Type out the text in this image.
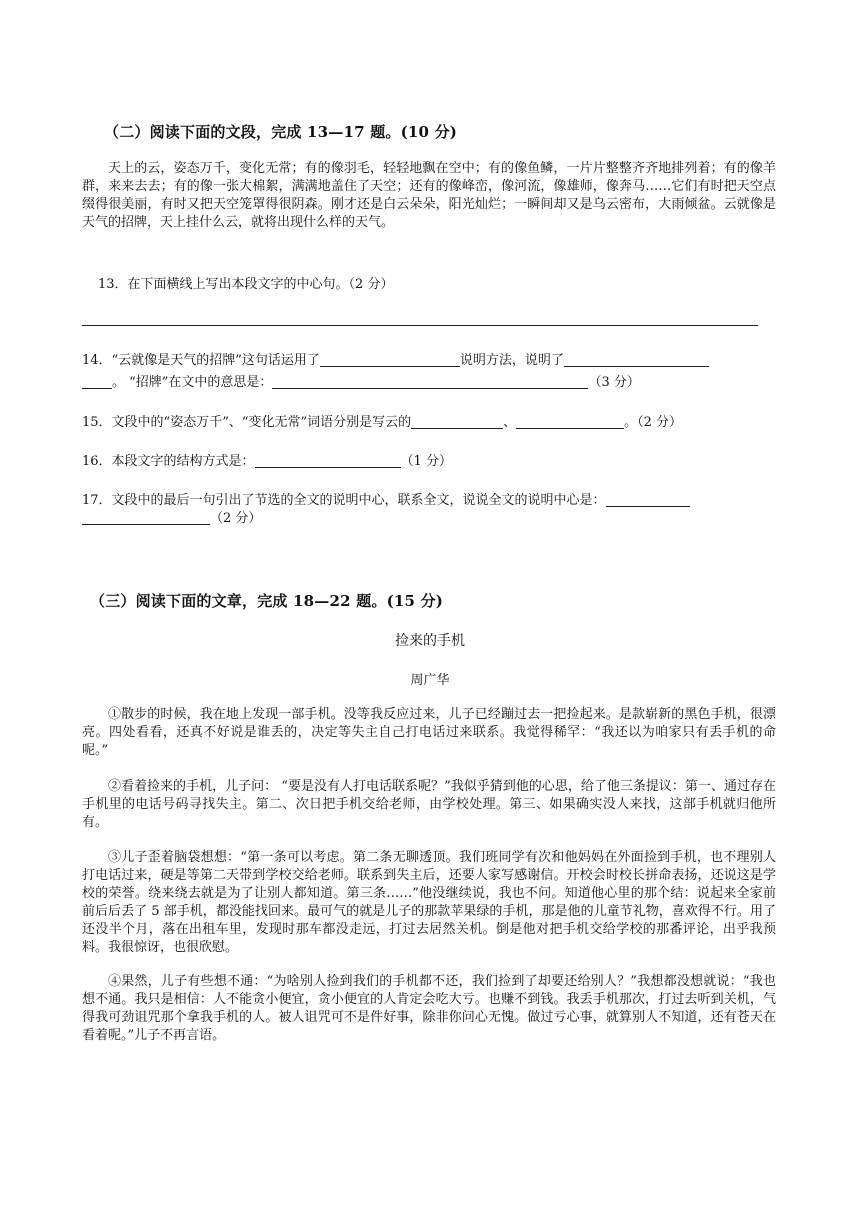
（二）阅读下面的文段，完成 13—17 题。(10 分)

天上的云，姿态万千，变化无常；有的像羽毛，轻轻地飘在空中；有的像鱼鳞，一片片整整齐齐地排列着；有的像羊群，来来去去；有的像一张大棉絮，满满地盖住了天空；还有的像峰峦，像河流，像雄师，像奔马……它们有时把天空点缀得很美丽，有时又把天空笼罩得很阴森。刚才还是白云朵朵，阳光灿烂；一瞬间却又是乌云密布，大雨倾盆。云就像是天气的招牌，天上挂什么云，就将出现什么样的天气。

13．在下面横线上写出本段文字的中心句。（2 分）
14．“云就像是天气的招牌”这句话运用了	说明方法，说明了
。 “招牌”在文中的意思是：	（3 分）
15．文段中的“姿态万千”、“变化无常”词语分别是写云的	、	。（2 分）
16．本段文字的结构方式是：	（1 分）
17．文段中的最后一句引出了节选的全文的说明中心，联系全文，说说全文的说明中心是：
（2 分）
（三）阅读下面的文章，完成 18—22 题。(15 分)
捡来的手机
周广华

①散步的时候，我在地上发现一部手机。没等我反应过来，儿子已经蹦过去一把捡起来。是款崭新的黑色手机，很漂亮。四处看看，还真不好说是谁丢的，决定等失主自己打电话过来联系。我觉得稀罕：“我还以为咱家只有丢手机的命呢。”

②看着捡来的手机，儿子问： “要是没有人打电话联系呢？”我似乎猜到他的心思，给了他三条提议：第一、通过存在手机里的电话号码寻找失主。第二、次日把手机交给老师，由学校处理。第三、如果确实没人来找，这部手机就归他所有。

③儿子歪着脑袋想想：“第一条可以考虑。第二条无聊透顶。我们班同学有次和他妈妈在外面捡到手机，也不理别人打电话过来，硬是等第二天带到学校交给老师。联系到失主后，还要人家写感谢信。开校会时校长拼命表扬，还说这是学校的荣誉。绕来绕去就是为了让别人都知道。第三条……”他没继续说，我也不问。知道他心里的那个结：说起来全家前前后后丢了 5 部手机，都没能找回来。最可气的就是儿子的那款苹果绿的手机，那是他的儿童节礼物，喜欢得不行。用了还没半个月，落在出租车里，发现时那车都没走远，打过去居然关机。倒是他对把手机交给学校的那番评论，出乎我预料。我很惊讶，也很欣慰。

④果然，儿子有些想不通：“为啥别人捡到我们的手机都不还，我们捡到了却要还给别人？”我想都没想就说：“我也想不通。我只是相信：人不能贪小便宜，贪小便宜的人肯定会吃大亏。也赚不到钱。我丢手机那次，打过去听到关机，气得我可劲诅咒那个拿我手机的人。被人诅咒可不是件好事，除非你问心无愧。做过亏心事，就算别人不知道，还有苍天在看着呢。”儿子不再言语。
